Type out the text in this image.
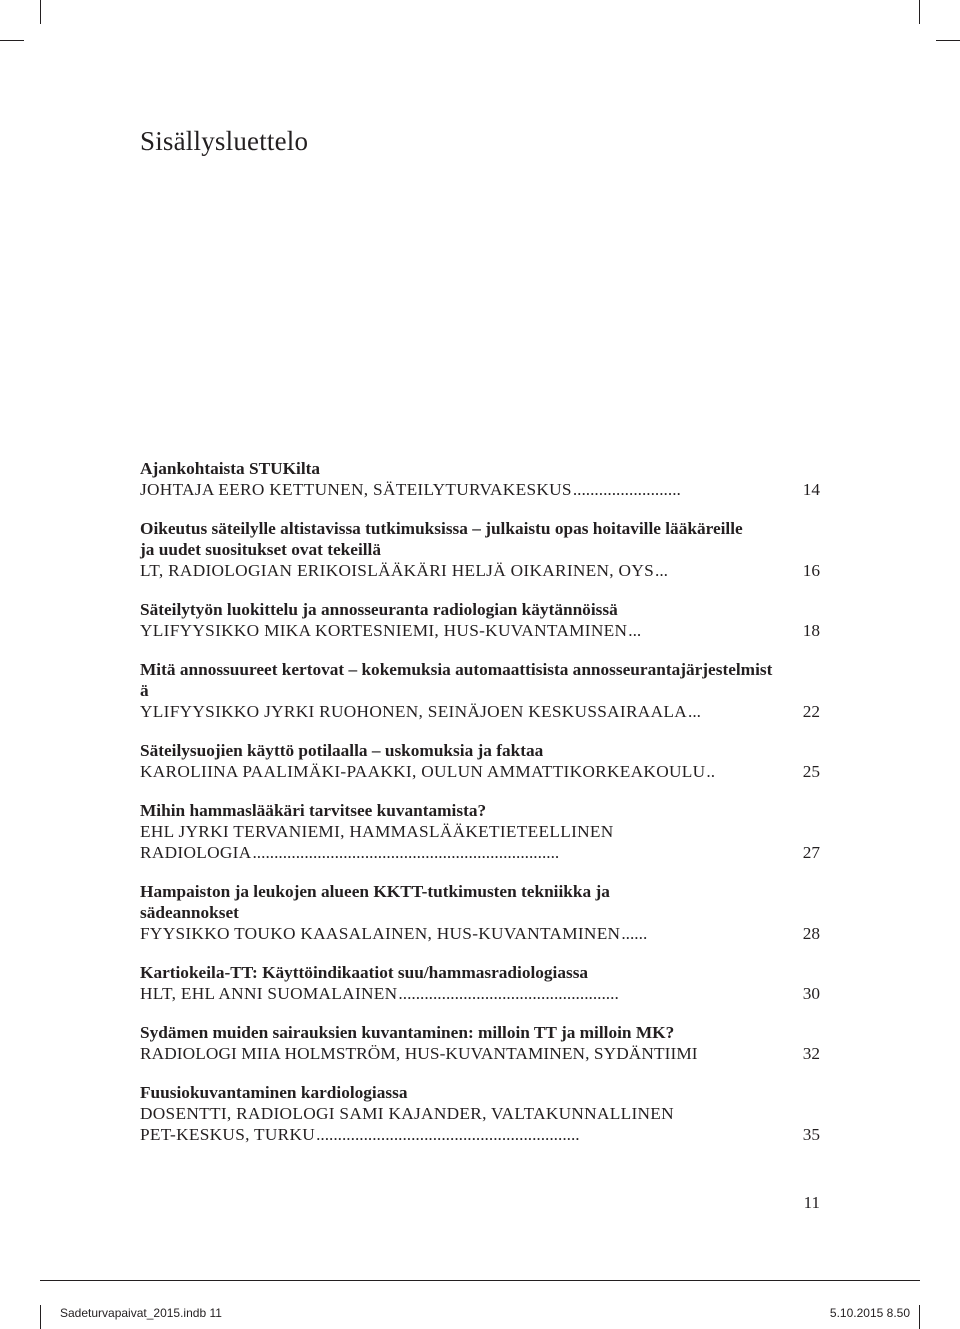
Sisällysluettelo
Ajankohtaista STUKilta
JOHTAJA EERO KETTUNEN, SÄTEILYTURVAKESKUS .........................	14
Oikeutus säteilylle altistavissa tutkimuksissa – julkaistu opas hoitaville lääkäreille ja uudet suositukset ovat tekeillä
LT, RADIOLOGIAN ERIKOISLÄÄKÄRI HELJÄ OIKARINEN, OYS ...	16
Säteilytyön luokittelu ja annosseuranta radiologian käytännöissä
YLIFYYSIKKO MIKA KORTESNIEMI, HUS-KUVANTAMINEN ...	18
Mitä annossuureet kertovat – kokemuksia automaattisista annosseurantajärjestelmistä
YLIFYYSIKKO JYRKI RUOHONEN, SEINÄJOEN KESKUSSAIRAALA ...	22
Säteilysuojien käyttö potilaalla – uskomuksia ja faktaa
KAROLIINA PAALIMÄKI-PAAKKI, OULUN AMMATTIKORKEAKOULU ..	25
Mihin hammaslääkäri tarvitsee kuvantamista?
EHL JYRKI TERVANIEMI, HAMMASLÄÄKETIETEELLINEN
RADIOLOGIA .......................................................................	27
Hampaiston ja leukojen alueen KKTT-tutkimusten tekniikka ja sädeannokset
FYYSIKKO TOUKO KAASALAINEN, HUS-KUVANTAMINEN ......	28
Kartiokeila-TT: Käyttöindikaatiot suu/hammasradiologiassa
HLT, EHL ANNI SUOMALAINEN ...................................................	30
Sydämen muiden sairauksien kuvantaminen: milloin TT ja milloin MK?
RADIOLOGI MIIA HOLMSTRÖM, HUS-KUVANTAMINEN, SYDÄNTIIMI	32
Fuusiokuvantaminen kardiologiassa
DOSENTTI, RADIOLOGI SAMI KAJANDER, VALTAKUNNALLINEN
PET-KESKUS, TURKU .............................................................	35
11
Sadeturvapaivat_2015.indb 11	5.10.2015 8.50
